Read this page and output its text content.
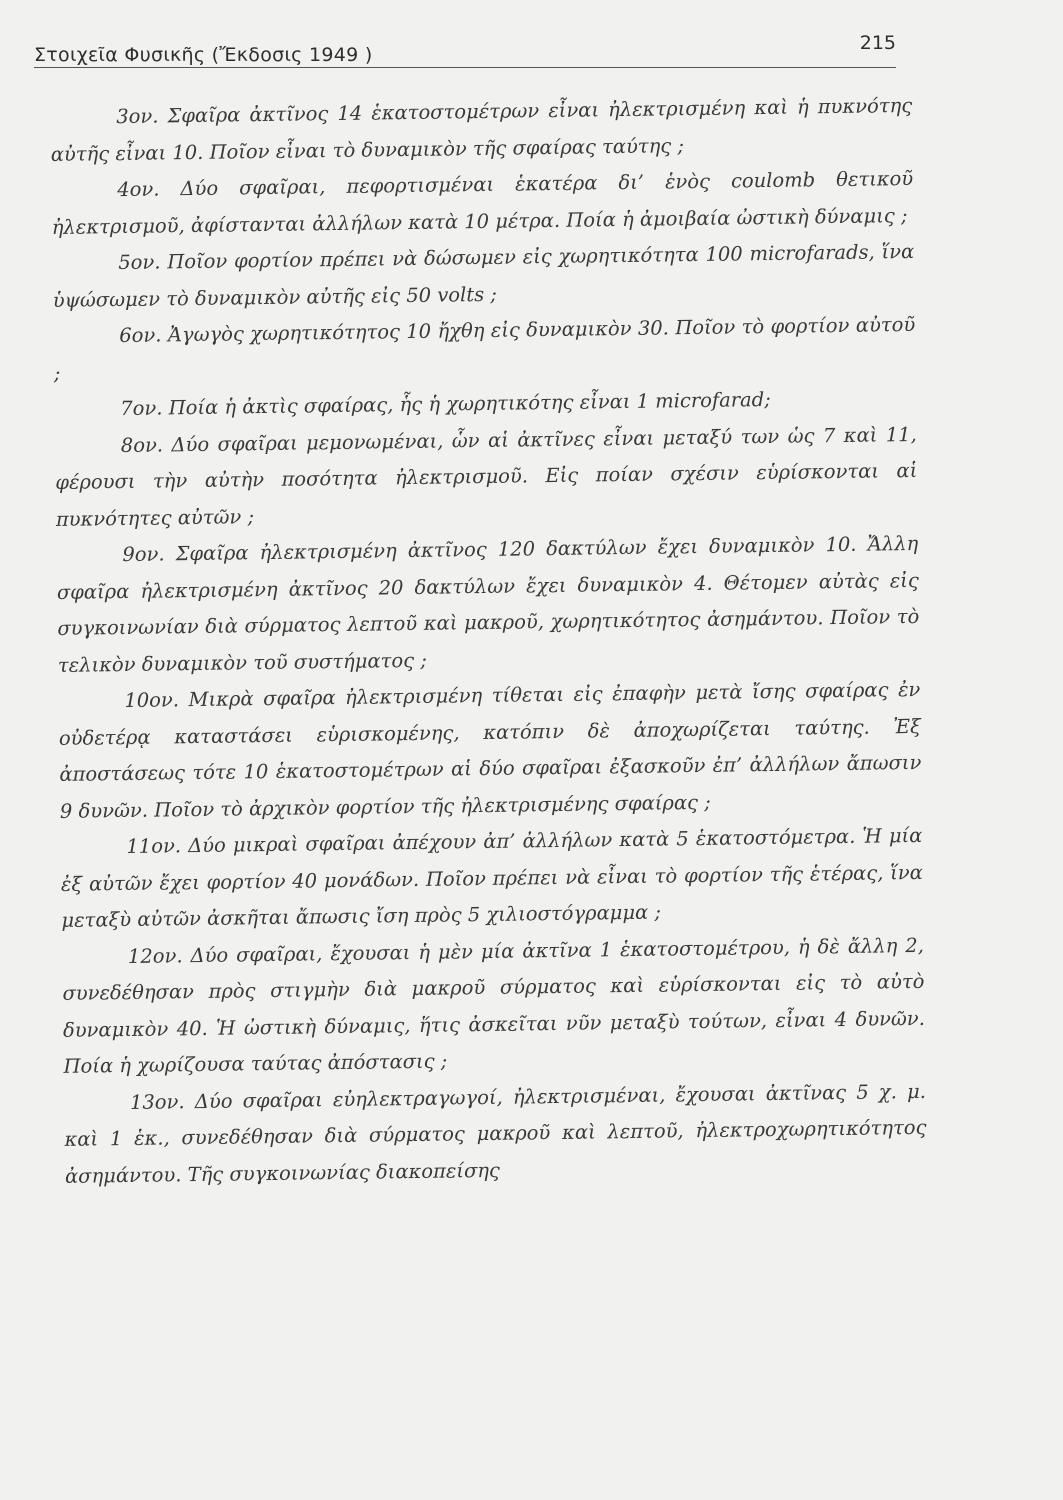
Στοιχεῖα Φυσικῆς (Ἔκδοσις 1949 )
215

3ον. Σφαῖρα ἀκτῖνος 14 ἑκατοστομέτρων εἶναι ἠλεκτρισμένη καὶ ἡ πυκνότης αὐτῆς εἶναι 10. Ποῖον εἶναι τὸ δυναμικὸν τῆς σφαίρας ταύτης ;

4ον. Δύο σφαῖραι, πεφορτισμέναι ἑκατέρα δι’ ἑνὸς coulomb θετικοῦ ἠλεκτρισμοῦ, ἀφίστανται ἀλλήλων κατὰ 10 μέτρα. Ποία ἡ ἀμοιβαία ὠστικὴ δύναμις ;

5ον. Ποῖον φορτίον πρέπει νὰ δώσωμεν εἰς χωρητικότητα 100 microfarads, ἵνα ὑψώσωμεν τὸ δυναμικὸν αὐτῆς εἰς 50 volts ;

6ον. Ἀγωγὸς χωρητικότητος 10 ἤχθη εἰς δυναμικὸν 30. Ποῖον τὸ φορτίον αὐτοῦ ;

7ον. Ποία ἡ ἀκτὶς σφαίρας, ἧς ἡ χωρητικότης εἶναι 1 microfarad;

8ον. Δύο σφαῖραι μεμονωμέναι, ὧν αἱ ἀκτῖνες εἶναι μεταξύ των ὡς 7 καὶ 11, φέρουσι τὴν αὐτὴν ποσότητα ἠλεκτρισμοῦ. Εἰς ποίαν σχέσιν εὑρίσκονται αἱ πυκνότητες αὐτῶν ;

9ον. Σφαῖρα ἠλεκτρισμένη ἀκτῖνος 120 δακτύλων ἔχει δυναμικὸν 10. Ἄλλη σφαῖρα ἠλεκτρισμένη ἀκτῖνος 20 δακτύλων ἔχει δυναμικὸν 4. Θέτομεν αὐτὰς εἰς συγκοινωνίαν διὰ σύρματος λεπτοῦ καὶ μακροῦ, χωρητικότητος ἀσημάντου. Ποῖον τὸ τελικὸν δυναμικὸν τοῦ συστήματος ;

10ον. Μικρὰ σφαῖρα ἠλεκτρισμένη τίθεται εἰς ἐπαφὴν μετὰ ἴσης σφαίρας ἐν οὐδετέρᾳ καταστάσει εὑρισκομένης, κατόπιν δὲ ἀποχωρίζεται ταύτης. Ἐξ ἀποστάσεως τότε 10 ἑκατοστομέτρων αἱ δύο σφαῖραι ἐξασκοῦν ἐπ’ ἀλλήλων ἄπωσιν 9 δυνῶν. Ποῖον τὸ ἀρχικὸν φορτίον τῆς ἠλεκτρισμένης σφαίρας ;

11ον. Δύο μικραὶ σφαῖραι ἀπέχουν ἀπ’ ἀλλήλων κατὰ 5 ἑκατοστόμετρα. Ἡ μία ἐξ αὐτῶν ἔχει φορτίον 40 μονάδων. Ποῖον πρέπει νὰ εἶναι τὸ φορτίον τῆς ἑτέρας, ἵνα μεταξὺ αὐτῶν ἀσκῆται ἄπωσις ἴση πρὸς 5 χιλιοστόγραμμα ;

12ον. Δύο σφαῖραι, ἔχουσαι ἡ μὲν μία ἀκτῖνα 1 ἑκατοστομέτρου, ἡ δὲ ἄλλη 2, συνεδέθησαν πρὸς στιγμὴν διὰ μακροῦ σύρματος καὶ εὑρίσκονται εἰς τὸ αὐτὸ δυναμικὸν 40. Ἡ ὠστικὴ δύναμις, ἥτις ἀσκεῖται νῦν μεταξὺ τούτων, εἶναι 4 δυνῶν. Ποία ἡ χωρίζουσα ταύτας ἀπόστασις ;

13ον. Δύο σφαῖραι εὐηλεκτραγωγοί, ἠλεκτρισμέναι, ἔχουσαι ἀκτῖνας 5 χ. μ. καὶ 1 ἑκ., συνεδέθησαν διὰ σύρματος μακροῦ καὶ λεπτοῦ, ἠλεκτροχωρητικότητος ἀσημάντου. Τῆς συγκοινωνίας διακοπείσης
